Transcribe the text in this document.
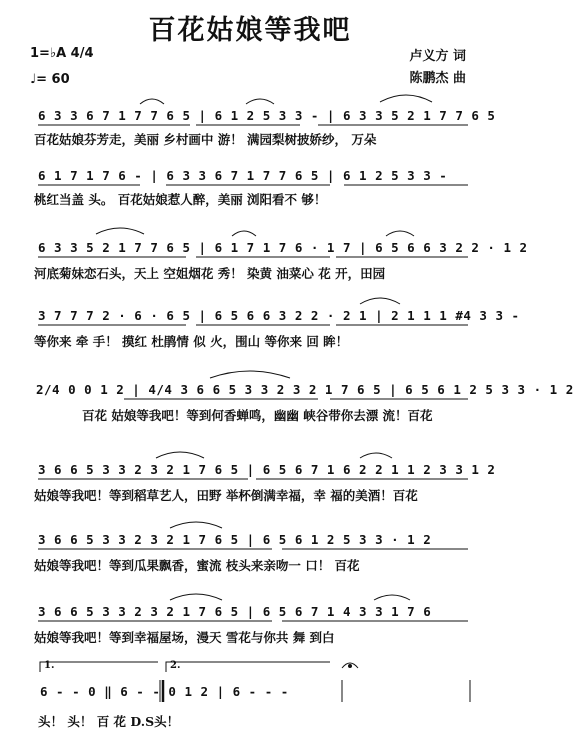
百花姑娘等我吧
1=♭A 4/4
♩= 60
卢义方 词
陈鹏杰 曲
6 3 3 6 7 1 7 7 6 5 | 6 1 2 5 3 3 - | 6 3 3 5 2 1 7 7 6 5
百花姑娘芬芳走，美丽 乡村画中 游！ 满园梨树披娇纱， 万朵
6 1 7 1 7 6 - | 6 3 3 6 7 1 7 7 6 5 | 6 1 2 5 3 3 -
桃红当盖 头。 百花姑娘惹人醉，美丽 浏阳看不 够！
6 3 3 5 2 1 7 7 6 5 | 6 1 7 1 7 6 · 1 7 | 6 5 6 6 3 2 2 · 1 2
河底菊妹恋石头，天上 空姐烟花 秀！ 染黄 油菜心 花 开，田园
3 7 7 7 2 · 6 · 6 5 | 6 5 6 6 3 2 2 · 2 1 | 2 1 1 1 #4 3 3 -
等你来 牵 手！ 摸红 杜鹃情 似 火，围山 等你来 回 眸！
2/4 0 0 1 2 | 4/4 3 6 6 5 3 3 2 3 2 1 7 6 5 | 6 5 6 1 2 5 3 3 · 1 2
百花 姑娘等我吧！等到何香蝉鸣，幽幽 峡谷带你去漂 流！百花
3 6 6 5 3 3 2 3 2 1 7 6 5 | 6 5 6 7 1 6 2 2 1 1 2 3 3 1 2
姑娘等我吧！等到稻草艺人，田野 举杯倒满幸福，幸 福的美酒！百花
3 6 6 5 3 3 2 3 2 1 7 6 5 | 6 5 6 1 2 5 3 3 · 1 2
姑娘等我吧！等到瓜果飘香，蜜流 枝头来亲吻一 口！ 百花
3 6 6 5 3 3 2 3 2 1 7 6 5 | 6 5 6 7 1 4 3 3 1 7 6
姑娘等我吧！等到幸福屋场，漫天 雪花与你共 舞 到白
1.	2.
6 - - 0 ‖ 6 - - 0 1 2 | 6 - - -
头！ 头！ 百 花 D.S头！
